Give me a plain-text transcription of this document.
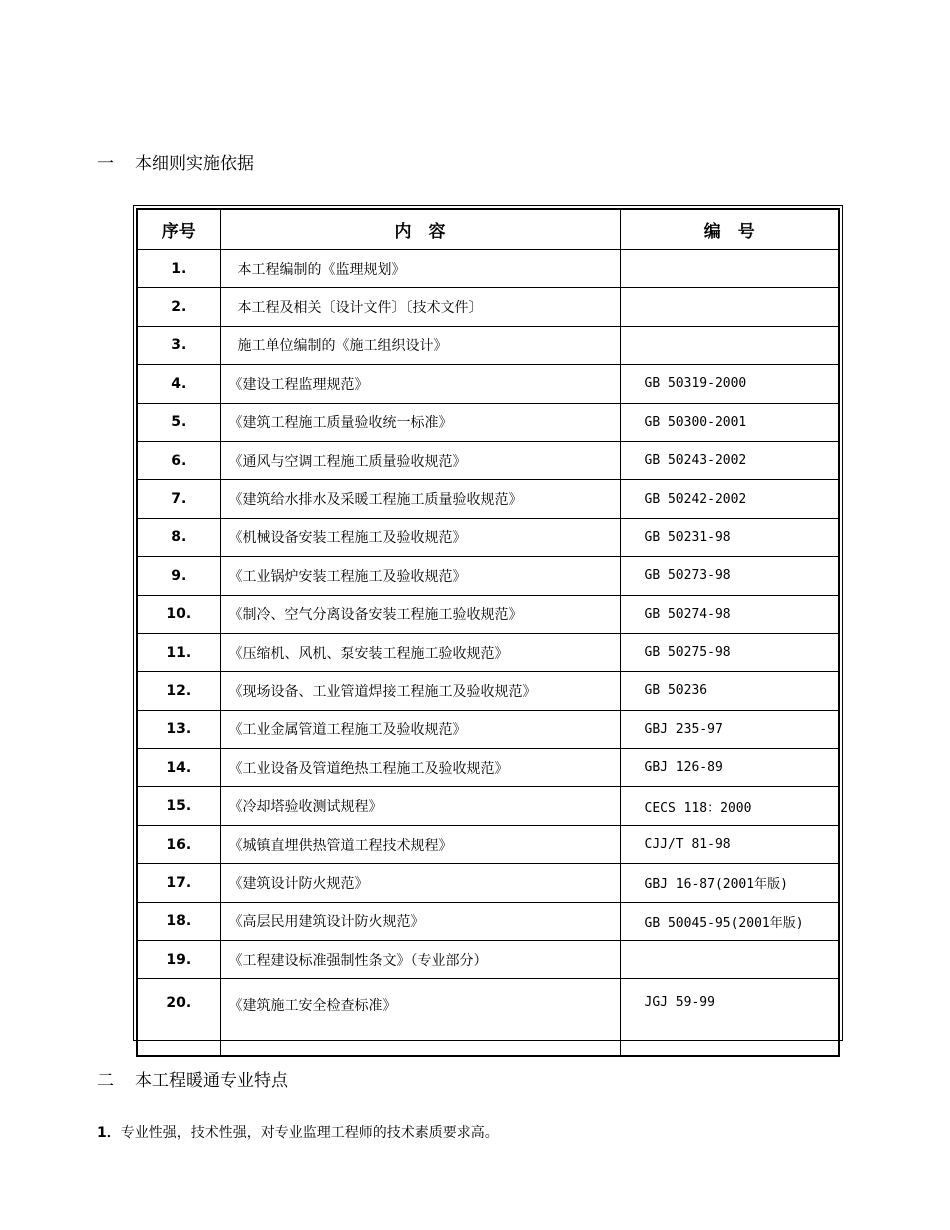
一	本细则实施依据
序号	内　容	编　号
1.	本工程编制的《监理规划》	
2.	本工程及相关〔设计文件〕〔技术文件〕	
3.	施工单位编制的《施工组织设计》	
4.	《建设工程监理规范》	GB 50319-2000
5.	《建筑工程施工质量验收统一标准》	GB 50300-2001
6.	《通风与空调工程施工质量验收规范》	GB 50243-2002
7.	《建筑给水排水及采暖工程施工质量验收规范》	GB 50242-2002
8.	《机械设备安装工程施工及验收规范》	GB 50231-98
9.	《工业锅炉安装工程施工及验收规范》	GB 50273-98
10.	《制冷、空气分离设备安装工程施工验收规范》	GB 50274-98
11.	《压缩机、风机、泵安装工程施工验收规范》	GB 50275-98
12.	《现场设备、工业管道焊接工程施工及验收规范》	GB 50236
13.	《工业金属管道工程施工及验收规范》	GBJ 235-97
14.	《工业设备及管道绝热工程施工及验收规范》	GBJ 126-89
15.	《冷却塔验收测试规程》	CECS 118：2000
16.	《城镇直埋供热管道工程技术规程》	CJJ/T 81-98
17.	《建筑设计防火规范》	GBJ 16-87(2001年版)
18.	《高层民用建筑设计防火规范》	GB 50045-95(2001年版)
19.	《工程建设标准强制性条文》（专业部分）	
20.	《建筑施工安全检查标准》	JGJ 59-99
二	本工程暖通专业特点
1．专业性强，技术性强，对专业监理工程师的技术素质要求高。
